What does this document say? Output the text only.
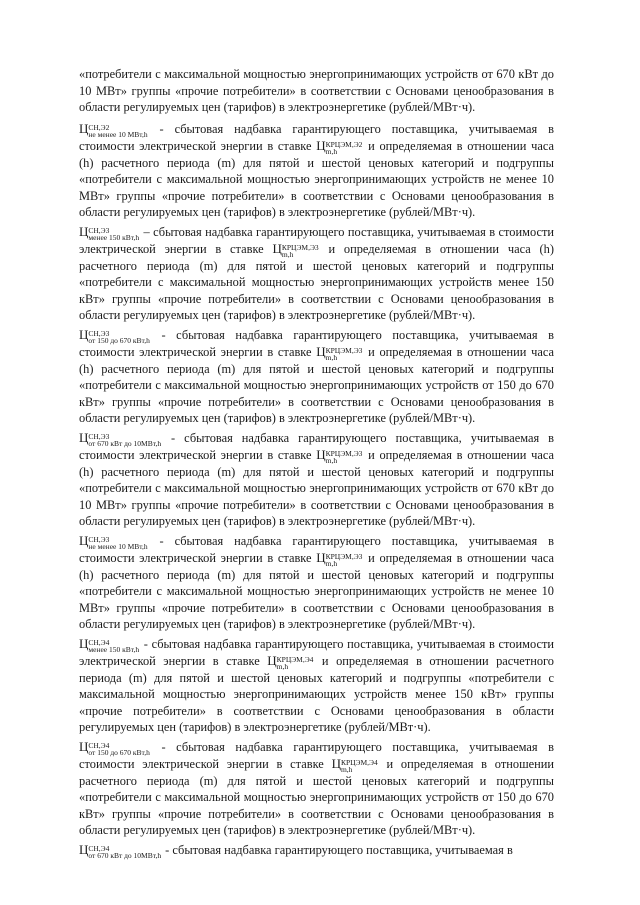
«потребители с максимальной мощностью энергопринимающих устройств от 670 кВт до 10 МВт» группы «прочие потребители» в соответствии с Основами ценообразования в области регулируемых цен (тарифов) в электроэнергетике (рублей/МВт·ч).

Ц СН,Э2
не менее 10 МВт,h - сбытовая надбавка гарантирующего поставщика, учитываемая в стоимости электрической энергии в ставке Ц КРЦЭМ,Э2
m,h	и определяемая в отношении часа (h) расчетного периода (m) для пятой и шестой ценовых категорий и подгруппы «потребители с максимальной мощностью энергопринимающих устройств не менее 10 МВт» группы «прочие потребители» в соответствии с Основами ценообразования в области регулируемых цен (тарифов) в электроэнергетике (рублей/МВт·ч).

Ц СН,Э3
менее 150 кВт,h – сбытовая надбавка гарантирующего поставщика, учитываемая в стоимости электрической энергии в ставке Ц КРЦЭМ,Э3
m,h	и определяемая в отношении часа (h) расчетного периода (m) для пятой и шестой ценовых категорий и подгруппы «потребители с максимальной мощностью энергопринимающих устройств менее 150 кВт» группы «прочие потребители» в соответствии с Основами ценообразования в области регулируемых цен (тарифов) в электроэнергетике (рублей/МВт·ч).

Ц СН,Э3
от 150 до 670 кВт,h - сбытовая надбавка гарантирующего поставщика, учитываемая в стоимости электрической энергии в ставке Ц КРЦЭМ,Э3
m,h	и определяемая в отношении часа (h) расчетного периода (m) для пятой и шестой ценовых категорий и подгруппы «потребители с максимальной мощностью энергопринимающих устройств от 150 до 670 кВт» группы «прочие потребители» в соответствии с Основами ценообразования в области регулируемых цен (тарифов) в электроэнергетике (рублей/МВт·ч).

Ц СН,Э3
от 670 кВт до 10МВт,h - сбытовая надбавка гарантирующего поставщика, учитываемая в стоимости электрической энергии в ставке Ц КРЦЭМ,Э3
m,h	и определяемая в отношении часа (h) расчетного периода (m) для пятой и шестой ценовых категорий и подгруппы «потребители с максимальной мощностью энергопринимающих устройств от 670 кВт до 10 МВт» группы «прочие потребители» в соответствии с Основами ценообразования в области регулируемых цен (тарифов) в электроэнергетике (рублей/МВт·ч).

Ц СН,Э3
не менее 10 МВт,h - сбытовая надбавка гарантирующего поставщика, учитываемая в стоимости электрической энергии в ставке Ц КРЦЭМ,Э3
m,h	и определяемая в отношении часа (h) расчетного периода (m) для пятой и шестой ценовых категорий и подгруппы «потребители с максимальной мощностью энергопринимающих устройств не менее 10 МВт» группы «прочие потребители» в соответствии с Основами ценообразования в области регулируемых цен (тарифов) в электроэнергетике (рублей/МВт·ч).

Ц СН,Э4
менее 150 кВт,h - сбытовая надбавка гарантирующего поставщика, учитываемая в стоимости электрической энергии в ставке Ц КРЦЭМ,Э4
m,h	и определяемая в отношении расчетного периода (m) для пятой и шестой ценовых категорий и подгруппы «потребители с максимальной мощностью энергопринимающих устройств менее 150 кВт» группы «прочие потребители» в соответствии с Основами ценообразования в области регулируемых цен (тарифов) в электроэнергетике (рублей/МВт·ч).

Ц СН,Э4
от 150 до 670 кВт,h - сбытовая надбавка гарантирующего поставщика, учитываемая в стоимости электрической энергии в ставке Ц КРЦЭМ,Э4
m,h	и определяемая в отношении расчетного периода (m) для пятой и шестой ценовых категорий и подгруппы «потребители с максимальной мощностью энергопринимающих устройств от 150 до 670 кВт» группы «прочие потребители» в соответствии с Основами ценообразования в области регулируемых цен (тарифов) в электроэнергетике (рублей/МВт·ч).

Ц СН,Э4
от 670 кВт до 10МВт,h - сбытовая надбавка гарантирующего поставщика, учитываемая в
